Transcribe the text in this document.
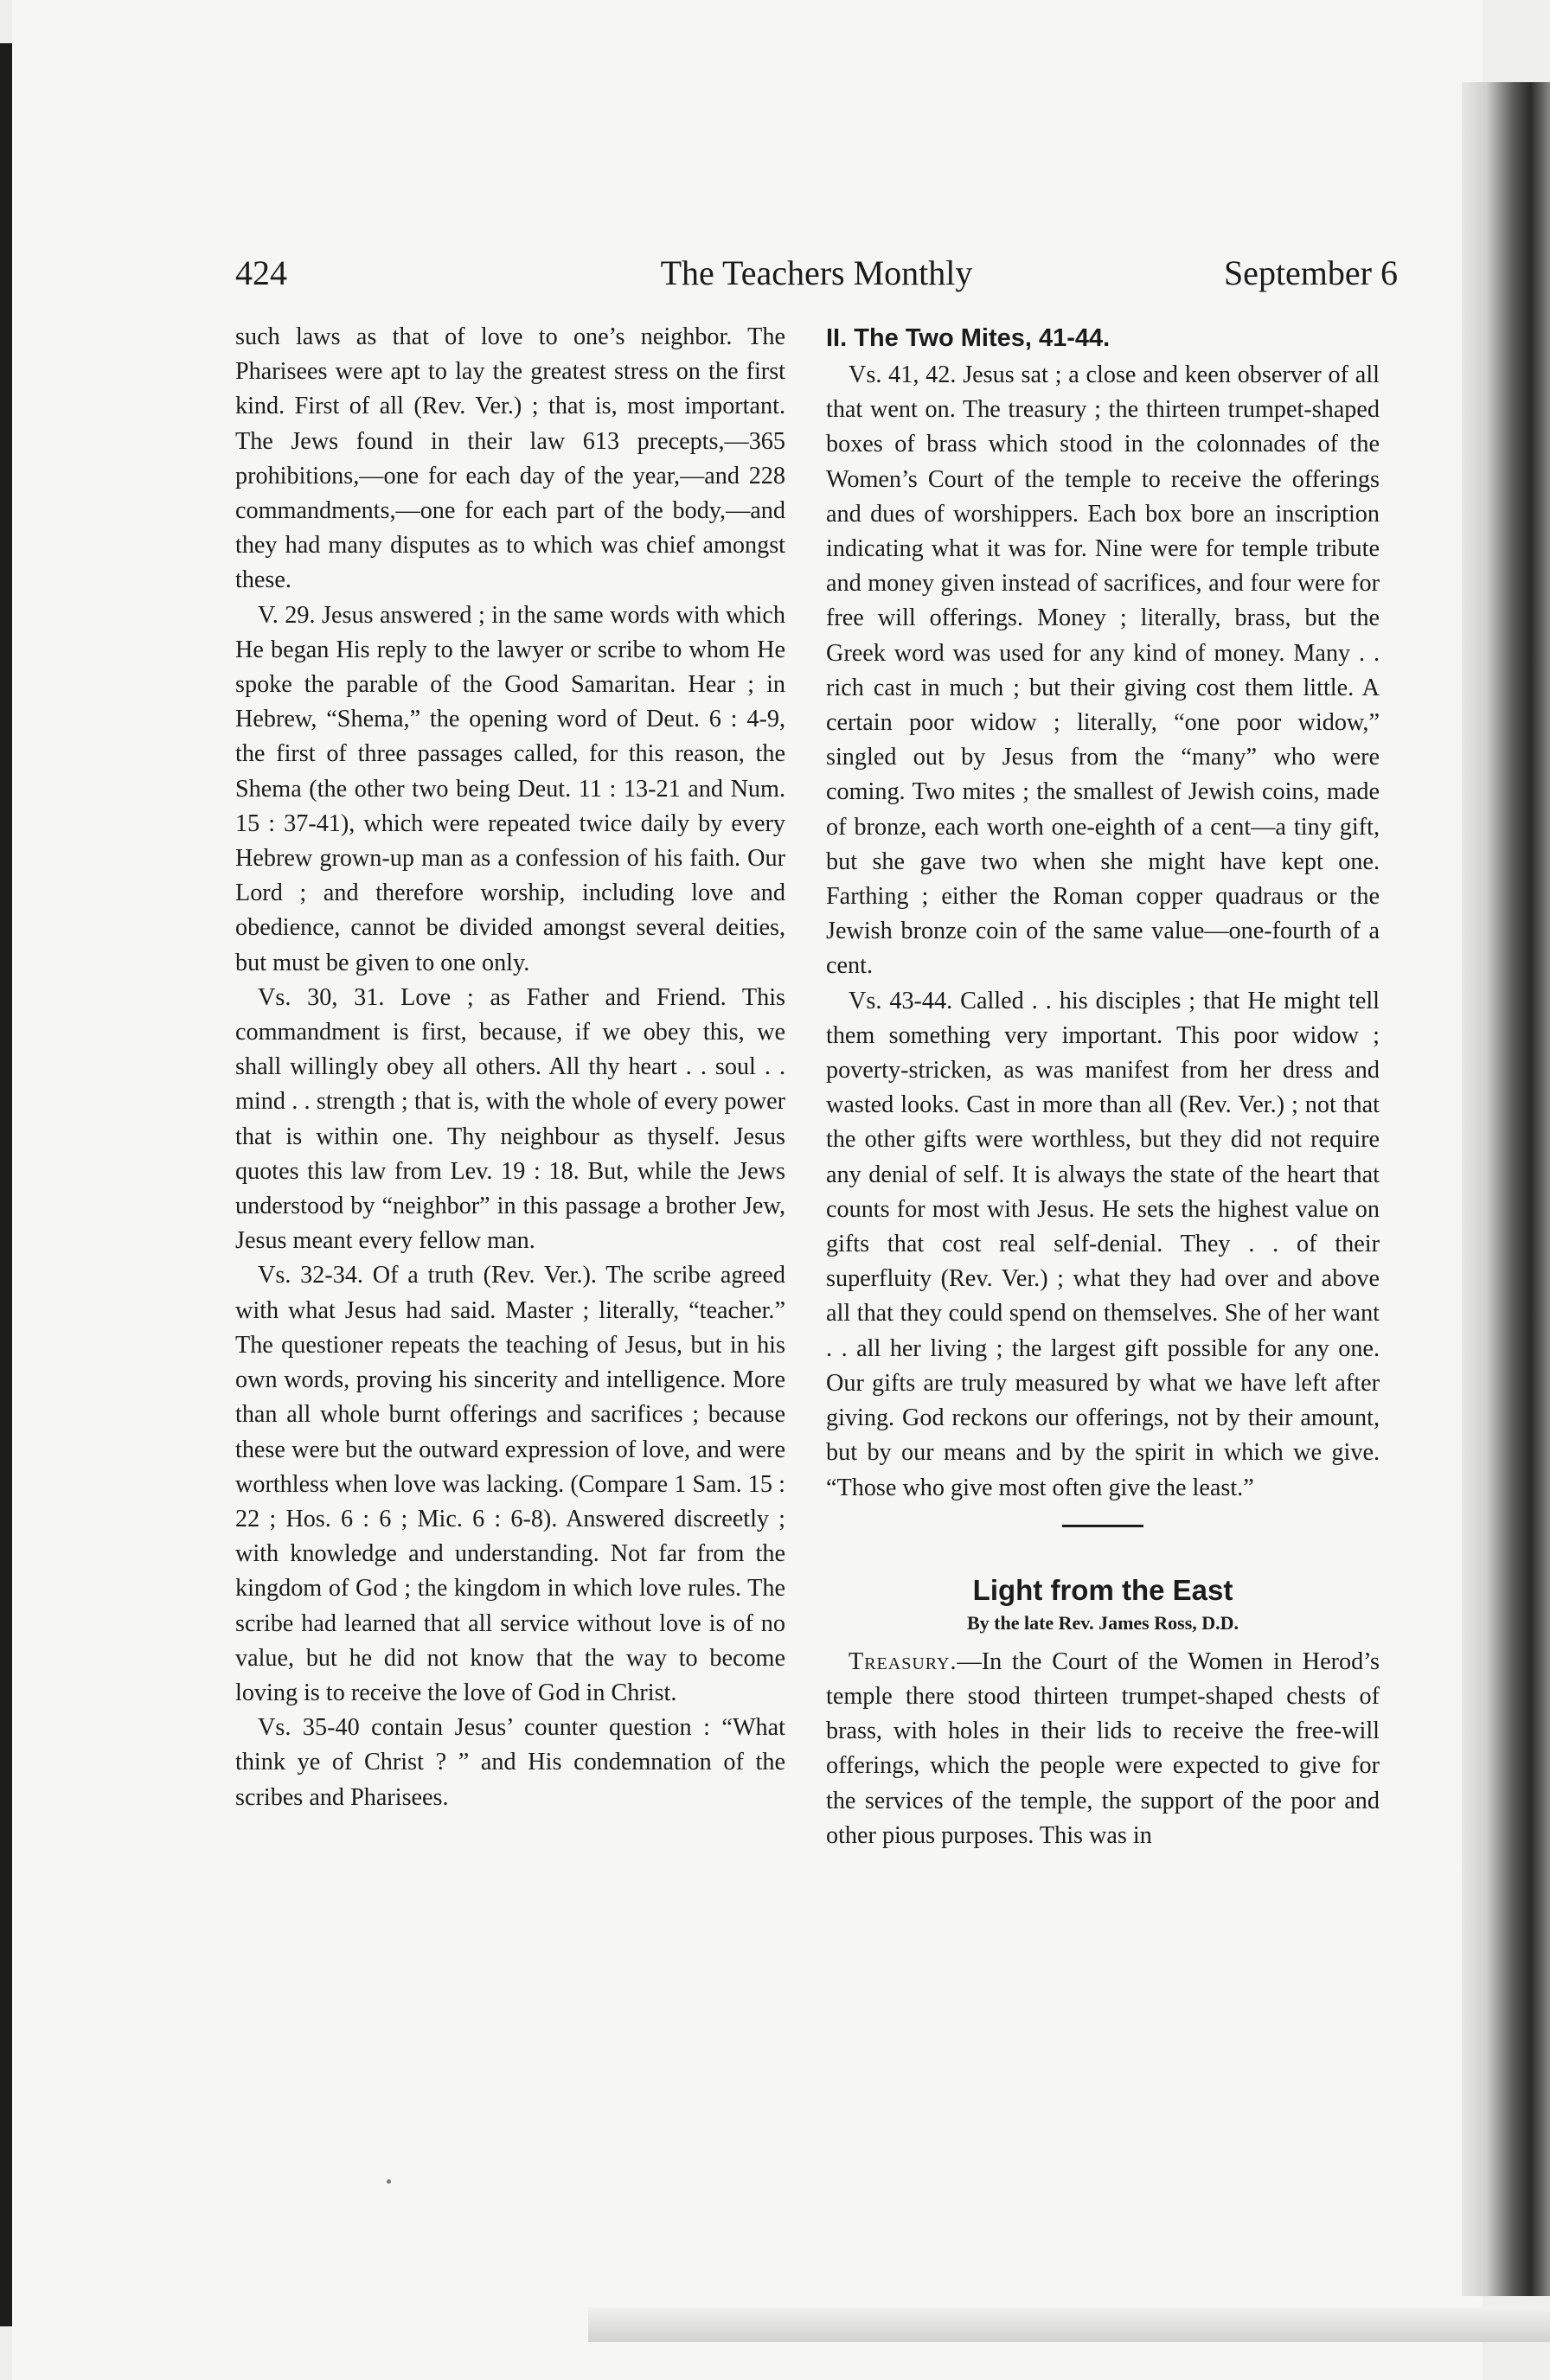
424	The Teachers Monthly	September 6

such laws as that of love to one’s neighbor. The Pharisees were apt to lay the greatest stress on the first kind. First of all (Rev. Ver.) ; that is, most important. The Jews found in their law 613 precepts,—365 prohibitions,—one for each day of the year,—and 228 commandments,—one for each part of the body,—and they had many disputes as to which was chief amongst these.

V. 29. Jesus answered ; in the same words with which He began His reply to the lawyer or scribe to whom He spoke the parable of the Good Samaritan. Hear ; in Hebrew, “Shema,” the opening word of Deut. 6 : 4-9, the first of three passages called, for this reason, the Shema (the other two being Deut. 11 : 13-21 and Num. 15 : 37-41), which were repeated twice daily by every Hebrew grown-up man as a confession of his faith. Our Lord ; and therefore worship, including love and obedience, cannot be divided amongst several deities, but must be given to one only.

Vs. 30, 31. Love ; as Father and Friend. This commandment is first, because, if we obey this, we shall willingly obey all others. All thy heart . . soul . . mind . . strength ; that is, with the whole of every power that is within one. Thy neighbour as thyself. Jesus quotes this law from Lev. 19 : 18. But, while the Jews understood by “neighbor” in this passage a brother Jew, Jesus meant every fellow man.

Vs. 32-34. Of a truth (Rev. Ver.). The scribe agreed with what Jesus had said. Master ; literally, “teacher.” The questioner repeats the teaching of Jesus, but in his own words, proving his sincerity and intelligence. More than all whole burnt offerings and sacrifices ; because these were but the outward expression of love, and were worthless when love was lacking. (Compare 1 Sam. 15 : 22 ; Hos. 6 : 6 ; Mic. 6 : 6-8). Answered discreetly ; with knowledge and understanding. Not far from the kingdom of God ; the kingdom in which love rules. The scribe had learned that all service without love is of no value, but he did not know that the way to become loving is to receive the love of God in Christ.

Vs. 35-40 contain Jesus’ counter question : “What think ye of Christ ? ” and His condemnation of the scribes and Pharisees.

II. The Two Mites, 41-44.

Vs. 41, 42. Jesus sat ; a close and keen observer of all that went on. The treasury ; the thirteen trumpet-shaped boxes of brass which stood in the colonnades of the Women’s Court of the temple to receive the offerings and dues of worshippers. Each box bore an inscription indicating what it was for. Nine were for temple tribute and money given instead of sacrifices, and four were for free will offerings. Money ; literally, brass, but the Greek word was used for any kind of money. Many . . rich cast in much ; but their giving cost them little. A certain poor widow ; literally, “one poor widow,” singled out by Jesus from the “many” who were coming. Two mites ; the smallest of Jewish coins, made of bronze, each worth one-eighth of a cent—a tiny gift, but she gave two when she might have kept one. Farthing ; either the Roman copper quadraus or the Jewish bronze coin of the same value—one-fourth of a cent.

Vs. 43-44. Called . . his disciples ; that He might tell them something very important. This poor widow ; poverty-stricken, as was manifest from her dress and wasted looks. Cast in more than all (Rev. Ver.) ; not that the other gifts were worthless, but they did not require any denial of self. It is always the state of the heart that counts for most with Jesus. He sets the highest value on gifts that cost real self-denial. They . . of their superfluity (Rev. Ver.) ; what they had over and above all that they could spend on themselves. She of her want . . all her living ; the largest gift possible for any one. Our gifts are truly measured by what we have left after giving. God reckons our offerings, not by their amount, but by our means and by the spirit in which we give. “Those who give most often give the least.”

Light from the East
By the late Rev. James Ross, D.D.

Treasury.—In the Court of the Women in Herod’s temple there stood thirteen trumpet-shaped chests of brass, with holes in their lids to receive the free-will offerings, which the people were expected to give for the services of the temple, the support of the poor and other pious purposes. This was in
